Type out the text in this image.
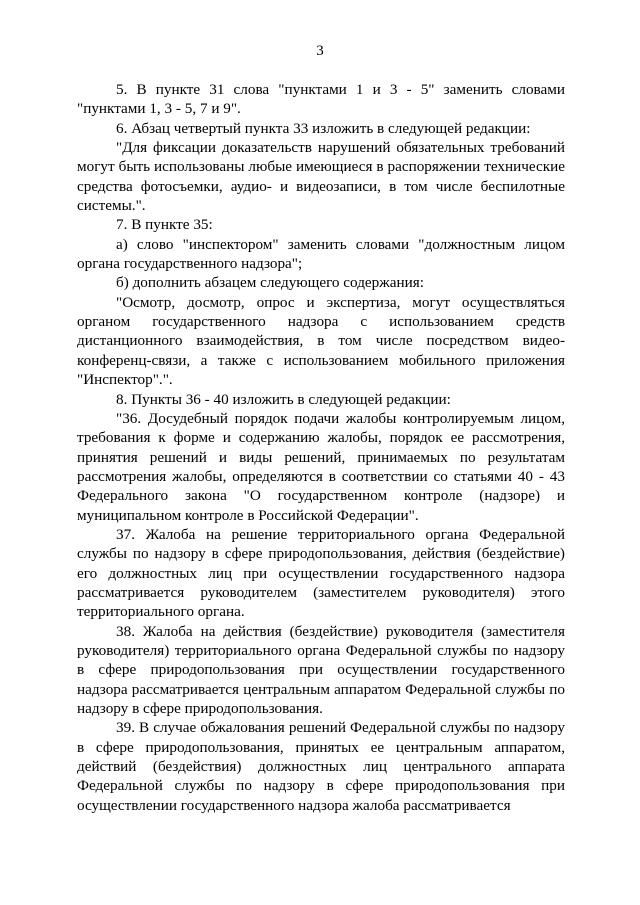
3

5. В пункте 31 слова "пунктами 1 и 3 - 5" заменить словами "пунктами 1, 3 - 5, 7 и 9".

6. Абзац четвертый пункта 33 изложить в следующей редакции:

"Для фиксации доказательств нарушений обязательных требований могут быть использованы любые имеющиеся в распоряжении технические средства фотосъемки, аудио- и видеозаписи, в том числе беспилотные системы.".

7. В пункте 35:

а) слово "инспектором" заменить словами "должностным лицом органа государственного надзора";

б) дополнить абзацем следующего содержания:

"Осмотр, досмотр, опрос и экспертиза, могут осуществляться органом государственного надзора с использованием средств дистанционного взаимодействия, в том числе посредством видео-конференц-связи, а также с использованием мобильного приложения "Инспектор".".

8. Пункты 36 - 40 изложить в следующей редакции:

"36. Досудебный порядок подачи жалобы контролируемым лицом, требования к форме и содержанию жалобы, порядок ее рассмотрения, принятия решений и виды решений, принимаемых по результатам рассмотрения жалобы, определяются в соответствии со статьями 40 - 43 Федерального закона "О государственном контроле (надзоре) и муниципальном контроле в Российской Федерации".

37. Жалоба на решение территориального органа Федеральной службы по надзору в сфере природопользования, действия (бездействие) его должностных лиц при осуществлении государственного надзора рассматривается руководителем (заместителем руководителя) этого территориального органа.

38. Жалоба на действия (бездействие) руководителя (заместителя руководителя) территориального органа Федеральной службы по надзору в сфере природопользования при осуществлении государственного надзора рассматривается центральным аппаратом Федеральной службы по надзору в сфере природопользования.

39. В случае обжалования решений Федеральной службы по надзору в сфере природопользования, принятых ее центральным аппаратом, действий (бездействия) должностных лиц центрального аппарата Федеральной службы по надзору в сфере природопользования при осуществлении государственного надзора жалоба рассматривается
